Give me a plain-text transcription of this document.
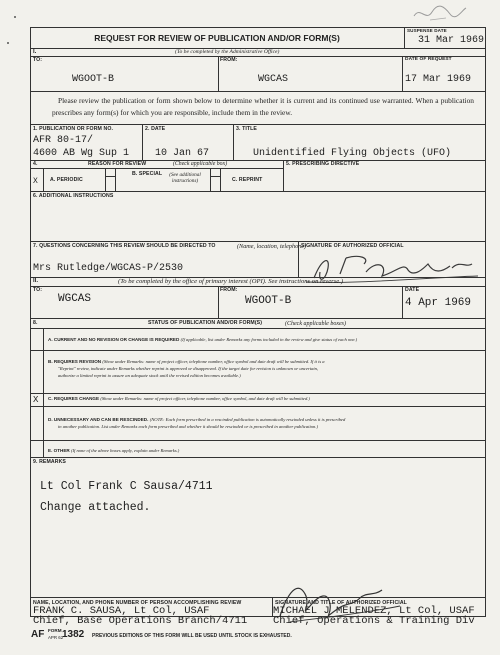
REQUEST FOR REVIEW OF PUBLICATION AND/OR FORM(S)
SUSPENSE DATE
31 Mar 1969
I.	(To be completed by the Administrative Office)
TO:	FROM:	DATE OF REQUEST
WGOOT-B	WGCAS	17 Mar 1969
Please review the publication or form shown below to determine whether it is current and its continued use warranted. When a publication prescribes any form(s) for which you are responsible, include them in the review.
1. PUBLICATION OR FORM NO.
AFR 80-17/
4600 AB Wg Sup 1
2. DATE
10 Jan 67
3. TITLE
Unidentified Flying Objects (UFO)
4.	REASON FOR REVIEW	(Check applicable box)	5. PRESCRIBING DIRECTIVE
X A. PERIODIC
B. SPECIAL	(See additional instructions)	C. REPRINT
6. ADDITIONAL INSTRUCTIONS
7. QUESTIONS CONCERNING THIS REVIEW SHOULD BE DIRECTED TO	(Name, location, telephone)
Mrs Rutledge/WGCAS-P/2530
SIGNATURE OF AUTHORIZED OFFICIAL
II.	(To be completed by the office of primary interest (OPI). See instructions on reverse.)
TO:
WGCAS
FROM:
WGOOT-B
DATE
4 Apr 1969
8.	STATUS OF PUBLICATION AND/OR FORM(S)	(Check applicable boxes)
A. CURRENT AND NO REVISION OR CHANGE IS REQUIRED (If applicable, list under Remarks any forms included in the review and give status of each one.)
B. REQUIRES REVISION (Show under Remarks: name of project officer, telephone number, office symbol and date draft will be submitted. If it is a
"Reprint" review, indicate under Remarks whether reprint is approved or disapproved. If the target date for revision is unknown or uncertain,
authorize a limited reprint to assure an adequate stock until the revised edition becomes available.)
X C. REQUIRES CHANGE (Show under Remarks: name of project officer, telephone number, office symbol, and date draft will be submitted.)
D. UNNECESSARY AND CAN BE RESCINDED. (NOTE: Each form prescribed in a rescinded publication is automatically rescinded unless it is prescribed
in another publication. List under Remarks each form prescribed and whether it should be rescinded or is prescribed in another publication.)
E. OTHER (If none of the above boxes apply, explain under Remarks.)
9. REMARKS
Lt Col Frank C Sausa/4711
Change attached.
NAME, LOCATION, AND PHONE NUMBER OF PERSON ACCOMPLISHING REVIEW
FRANK C. SAUSA, Lt Col, USAF
Chief, Base Operations Branch/4711
SIGNATURE AND TITLE OF AUTHORIZED OFFICIAL
MICHAEL J MELENDEZ, Lt Col, USAF
Chief, Operations & Training Div
AF FORM
APR 62
1382 PREVIOUS EDITIONS OF THIS FORM WILL BE USED UNTIL STOCK IS EXHAUSTED.
